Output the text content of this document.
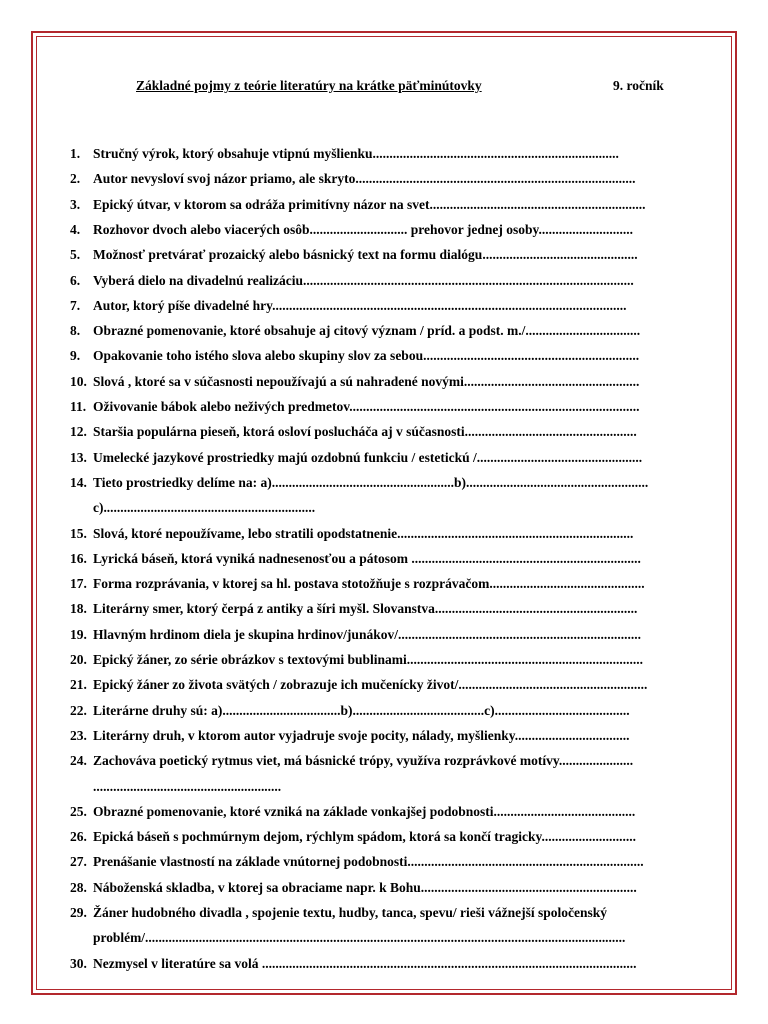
Základné pojmy z teórie literatúry na krátke päťminútovky	9. ročník
1. Stručný výrok, ktorý obsahuje vtipnú myšlienku.........................................................................
2. Autor nevysloví svoj názor priamo, ale skryto...................................................................................
3. Epický útvar, v ktorom sa odráža primitívny názor na svet................................................................
4. Rozhovor dvoch alebo viacerých osôb............................. prehovor jednej osoby............................
5. Možnosť pretvárať prozaický alebo básnický text na formu dialógu..............................................
6. Vyberá dielo na divadelnú realizáciu..................................................................................................
7. Autor, ktorý píše divadelné hry.........................................................................................................
8. Obrazné pomenovanie, ktoré obsahuje aj citový význam / príd. a podst. m./..................................
9. Opakovanie toho istého slova alebo skupiny slov za sebou................................................................
10. Slová , ktoré sa v súčasnosti nepoužívajú a sú nahradené novými....................................................
11. Oživovanie bábok alebo neživých predmetov......................................................................................
12. Staršia populárna pieseň, ktorá osloví poslucháča aj v súčasnosti...................................................
13. Umelecké jazykové prostriedky majú ozdobnú funkciu / estetickú /.................................................
14. Tieto prostriedky delíme na: a)......................................................b)......................................................
c)...............................................................
15. Slová, ktoré nepoužívame, lebo stratili opodstatnenie......................................................................
16. Lyrická báseň, ktorá vyniká nadnesenosťou a pátosom ....................................................................
17. Forma rozprávania, v ktorej sa hl. postava stotožňuje s rozprávačom..............................................
18. Literárny smer, ktorý čerpá z antiky a šíri myšl. Slovanstva............................................................
19. Hlavným hrdinom diela je skupina hrdinov/junákov/........................................................................
20. Epický žáner, zo série obrázkov s textovými bublinami......................................................................
21. Epický žáner zo života svätých / zobrazuje ich mučenícky život/........................................................
22. Literárne druhy sú: a)...................................b).......................................c)........................................
23. Literárny druh, v ktorom autor vyjadruje svoje pocity, nálady, myšlienky..................................
24. Zachováva poetický rytmus viet, má básnické trópy, využíva rozprávkové motívy......................
........................................................
25. Obrazné pomenovanie, ktoré vzniká na základe vonkajšej podobnosti..........................................
26. Epická báseň s pochmúrnym dejom, rýchlym spádom, ktorá sa končí tragicky............................
27. Prenášanie vlastností na základe vnútornej podobnosti......................................................................
28. Náboženská skladba, v ktorej sa obraciame napr. k Bohu................................................................
29. Žáner hudobného divadla , spojenie textu, hudby, tanca, spevu/ rieši vážnejší spoločenský
problém/...............................................................................................................................................
30. Nezmysel v literatúre sa volá ...............................................................................................................
